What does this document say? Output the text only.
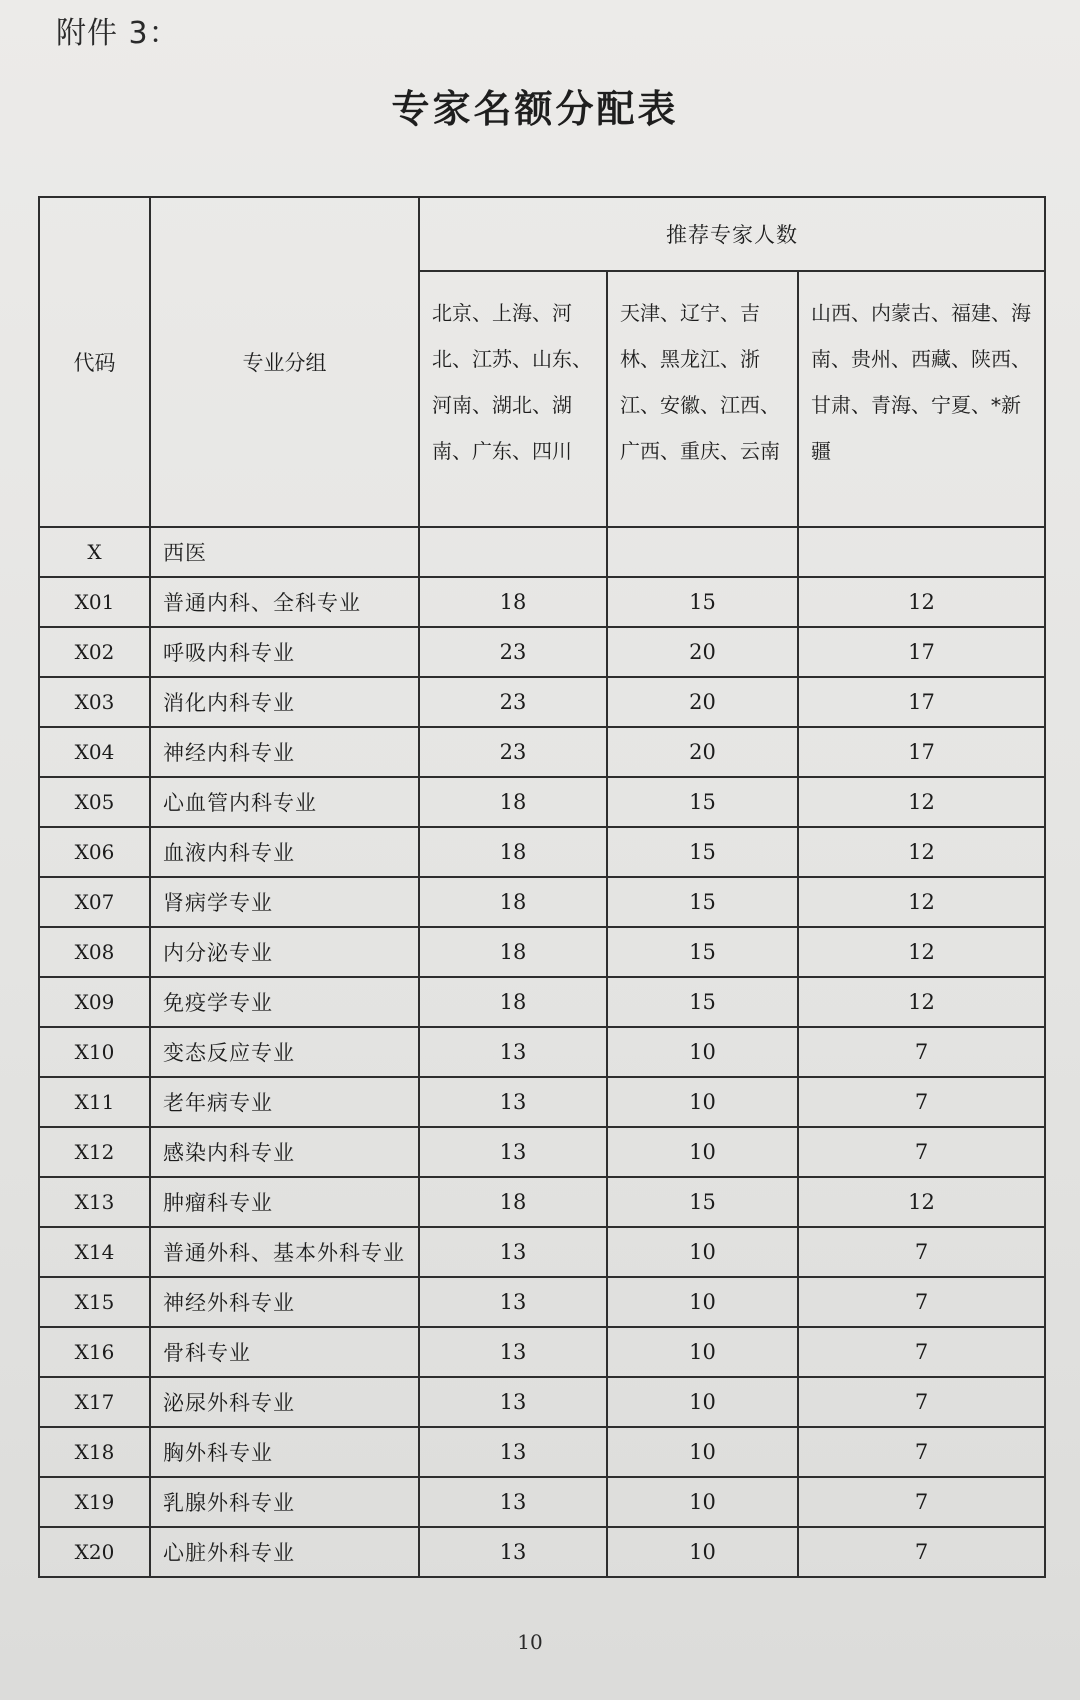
附件 3：
专家名额分配表
代码	专业分组	推荐专家人数		
		北京、上海、河北、江苏、山东、河南、湖北、湖南、广东、四川	天津、辽宁、吉林、黑龙江、浙江、安徽、江西、广西、重庆、云南	山西、内蒙古、福建、海南、贵州、西藏、陕西、甘肃、青海、宁夏、*新疆
X	西医			
X01	普通内科、全科专业	18	15	12
X02	呼吸内科专业	23	20	17
X03	消化内科专业	23	20	17
X04	神经内科专业	23	20	17
X05	心血管内科专业	18	15	12
X06	血液内科专业	18	15	12
X07	肾病学专业	18	15	12
X08	内分泌专业	18	15	12
X09	免疫学专业	18	15	12
X10	变态反应专业	13	10	7
X11	老年病专业	13	10	7
X12	感染内科专业	13	10	7
X13	肿瘤科专业	18	15	12
X14	普通外科、基本外科专业	13	10	7
X15	神经外科专业	13	10	7
X16	骨科专业	13	10	7
X17	泌尿外科专业	13	10	7
X18	胸外科专业	13	10	7
X19	乳腺外科专业	13	10	7
X20	心脏外科专业	13	10	7
10
